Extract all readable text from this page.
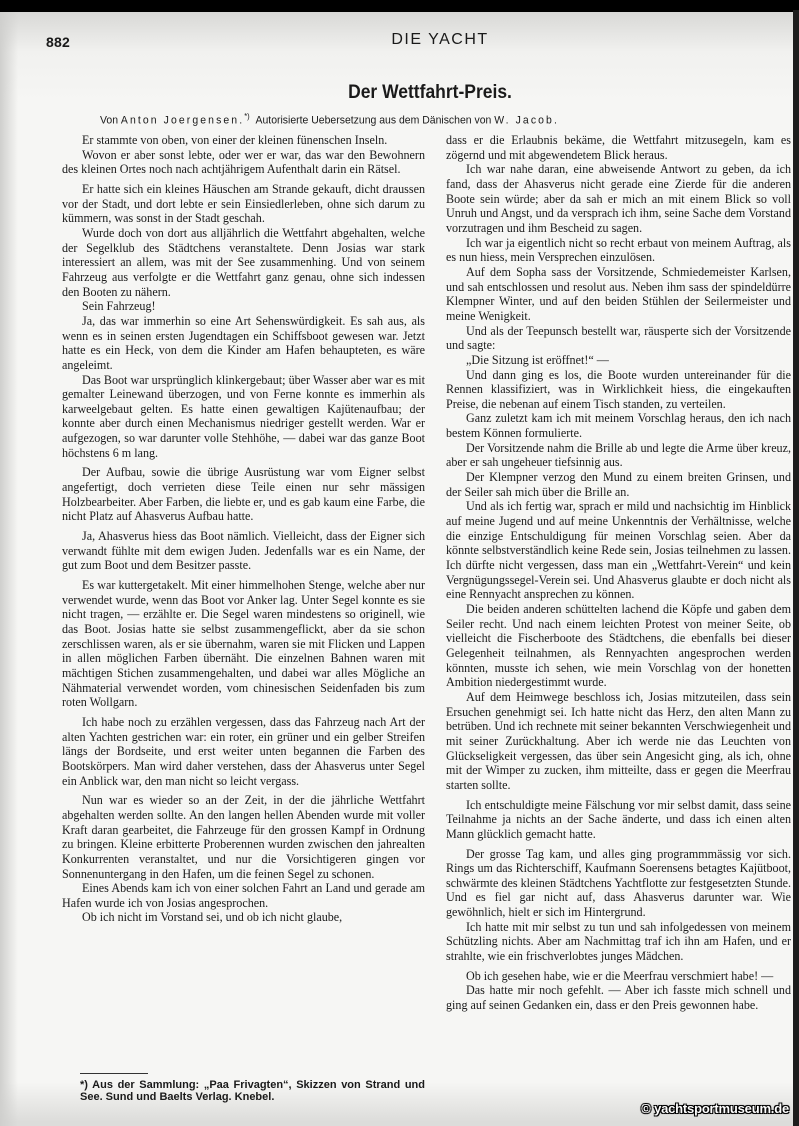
882	DIE YACHT
Der Wettfahrt-Preis.
Von Anton Joergensen.*) Autorisierte Uebersetzung aus dem Dänischen von W. Jacob.

Er stammte von oben, von einer der kleinen fünenschen Inseln.

Wovon er aber sonst lebte, oder wer er war, das war den Bewohnern des kleinen Ortes noch nach achtjährigem Aufenthalt darin ein Rätsel.

Er hatte sich ein kleines Häuschen am Strande gekauft, dicht draussen vor der Stadt, und dort lebte er sein Einsiedlerleben, ohne sich darum zu kümmern, was sonst in der Stadt geschah.

Wurde doch von dort aus alljährlich die Wettfahrt abgehalten, welche der Segelklub des Städtchens veranstaltete. Denn Josias war stark interessiert an allem, was mit der See zusammenhing. Und von seinem Fahrzeug aus verfolgte er die Wettfahrt ganz genau, ohne sich indessen den Booten zu nähern.

Sein Fahrzeug!

Ja, das war immerhin so eine Art Sehenswürdigkeit. Es sah aus, als wenn es in seinen ersten Jugendtagen ein Schiffsboot gewesen war. Jetzt hatte es ein Heck, von dem die Kinder am Hafen behaupteten, es wäre angeleimt.

Das Boot war ursprünglich klinkergebaut; über Wasser aber war es mit gemalter Leinewand überzogen, und von Ferne konnte es immerhin als karweelgebaut gelten. Es hatte einen gewaltigen Kajütenaufbau; der konnte aber durch einen Mechanismus niedriger gestellt werden. War er aufgezogen, so war darunter volle Stehhöhe, — dabei war das ganze Boot höchstens 6 m lang.

Der Aufbau, sowie die übrige Ausrüstung war vom Eigner selbst angefertigt, doch verrieten diese Teile einen nur sehr mässigen Holzbearbeiter. Aber Farben, die liebte er, und es gab kaum eine Farbe, die nicht Platz auf Ahasverus Aufbau hatte.

Ja, Ahasverus hiess das Boot nämlich. Vielleicht, dass der Eigner sich verwandt fühlte mit dem ewigen Juden. Jedenfalls war es ein Name, der gut zum Boot und dem Besitzer passte.

Es war kuttergetakelt. Mit einer himmelhohen Stenge, welche aber nur verwendet wurde, wenn das Boot vor Anker lag. Unter Segel konnte es sie nicht tragen, — erzählte er. Die Segel waren mindestens so originell, wie das Boot. Josias hatte sie selbst zusammengeflickt, aber da sie schon zerschlissen waren, als er sie übernahm, waren sie mit Flicken und Lappen in allen möglichen Farben übernäht. Die einzelnen Bahnen waren mit mächtigen Stichen zusammengehalten, und dabei war alles Mögliche an Nähmaterial verwendet worden, vom chinesischen Seidenfaden bis zum roten Wollgarn.

Ich habe noch zu erzählen vergessen, dass das Fahrzeug nach Art der alten Yachten gestrichen war: ein roter, ein grüner und ein gelber Streifen längs der Bordseite, und erst weiter unten begannen die Farben des Bootskörpers. Man wird daher verstehen, dass der Ahasverus unter Segel ein Anblick war, den man nicht so leicht vergass.

Nun war es wieder so an der Zeit, in der die jährliche Wettfahrt abgehalten werden sollte. An den langen hellen Abenden wurde mit voller Kraft daran gearbeitet, die Fahrzeuge für den grossen Kampf in Ordnung zu bringen. Kleine erbitterte Proberennen wurden zwischen den jahrealten Konkurrenten veranstaltet, und nur die Vorsichtigeren gingen vor Sonnenuntergang in den Hafen, um die feinen Segel zu schonen.

Eines Abends kam ich von einer solchen Fahrt an Land und gerade am Hafen wurde ich von Josias angesprochen.

Ob ich nicht im Vorstand sei, und ob ich nicht glaube,

dass er die Erlaubnis bekäme, die Wettfahrt mitzusegeln, kam es zögernd und mit abgewendetem Blick heraus.

Ich war nahe daran, eine abweisende Antwort zu geben, da ich fand, dass der Ahasverus nicht gerade eine Zierde für die anderen Boote sein würde; aber da sah er mich an mit einem Blick so voll Unruh und Angst, und da versprach ich ihm, seine Sache dem Vorstand vorzutragen und ihm Bescheid zu sagen.

Ich war ja eigentlich nicht so recht erbaut von meinem Auftrag, als es nun hiess, mein Versprechen einzulösen.

Auf dem Sopha sass der Vorsitzende, Schmiedemeister Karlsen, und sah entschlossen und resolut aus. Neben ihm sass der spindeldürre Klempner Winter, und auf den beiden Stühlen der Seilermeister und meine Wenigkeit.

Und als der Teepunsch bestellt war, räusperte sich der Vorsitzende und sagte:

„Die Sitzung ist eröffnet!“ —

Und dann ging es los, die Boote wurden untereinander für die Rennen klassifiziert, was in Wirklichkeit hiess, die eingekauften Preise, die nebenan auf einem Tisch standen, zu verteilen.

Ganz zuletzt kam ich mit meinem Vorschlag heraus, den ich nach bestem Können formulierte.

Der Vorsitzende nahm die Brille ab und legte die Arme über kreuz, aber er sah ungeheuer tiefsinnig aus.

Der Klempner verzog den Mund zu einem breiten Grinsen, und der Seiler sah mich über die Brille an.

Und als ich fertig war, sprach er mild und nachsichtig im Hinblick auf meine Jugend und auf meine Unkenntnis der Verhältnisse, welche die einzige Entschuldigung für meinen Vorschlag seien. Aber da könnte selbstverständlich keine Rede sein, Josias teilnehmen zu lassen. Ich dürfte nicht vergessen, dass man ein „Wettfahrt-Verein“ und kein Vergnügungssegel-Verein sei. Und Ahasverus glaubte er doch nicht als eine Rennyacht ansprechen zu können.

Die beiden anderen schüttelten lachend die Köpfe und gaben dem Seiler recht. Und nach einem leichten Protest von meiner Seite, ob vielleicht die Fischerboote des Städtchens, die ebenfalls bei dieser Gelegenheit teilnahmen, als Rennyachten angesprochen werden könnten, musste ich sehen, wie mein Vorschlag von der honetten Ambition niedergestimmt wurde.

Auf dem Heimwege beschloss ich, Josias mitzuteilen, dass sein Ersuchen genehmigt sei. Ich hatte nicht das Herz, den alten Mann zu betrüben. Und ich rechnete mit seiner bekannten Verschwiegenheit und mit seiner Zurückhaltung. Aber ich werde nie das Leuchten von Glückseligkeit vergessen, das über sein Angesicht ging, als ich, ohne mit der Wimper zu zucken, ihm mitteilte, dass er gegen die Meerfrau starten sollte.

Ich entschuldigte meine Fälschung vor mir selbst damit, dass seine Teilnahme ja nichts an der Sache änderte, und dass ich einen alten Mann glücklich gemacht hatte.

Der grosse Tag kam, und alles ging programmmässig vor sich. Rings um das Richterschiff, Kaufmann Soerensens betagtes Kajütboot, schwärmte des kleinen Städtchens Yachtflotte zur festgesetzten Stunde. Und es fiel gar nicht auf, dass Ahasverus darunter war. Wie gewöhnlich, hielt er sich im Hintergrund.

Ich hatte mit mir selbst zu tun und sah infolgedessen von meinem Schützling nichts. Aber am Nachmittag traf ich ihn am Hafen, und er strahlte, wie ein frischverlobtes junges Mädchen.

Ob ich gesehen habe, wie er die Meerfrau verschmiert habe! —

Das hatte mir noch gefehlt. — Aber ich fasste mich schnell und ging auf seinen Gedanken ein, dass er den Preis gewonnen habe.

*) Aus der Sammlung: „Paa Frivagten“, Skizzen von Strand und See. Sund und Baelts Verlag. Knebel.
© yachtsportmuseum.de
